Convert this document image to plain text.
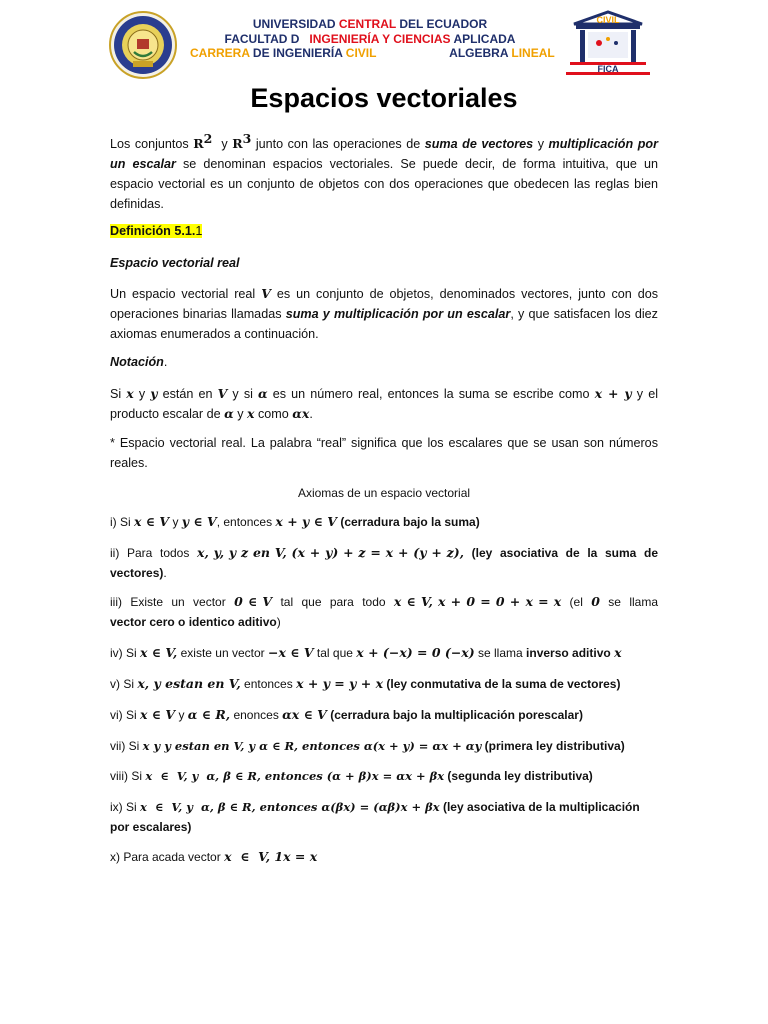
UNIVERSIDAD CENTRAL DEL ECUADOR
FACULTAD D   INGENIERÍA Y CIENCIAS APLICADA
CARRERA DE INGENIERÍA CIVIL                      ALGEBRA LINEAL
CIVIL
FICA
Espacios vectoriales
Los conjuntos $R^2$  y $R^3$ junto con las operaciones de suma de vectores y multiplicación por un escalar se denominan espacios vectoriales. Se puede decir, de forma intuitiva, que un espacio vectorial es un conjunto de objetos con dos operaciones que obedecen las reglas bien definidas.
Definición 5.1.1
Espacio vectorial real
Un espacio vectorial real V es un conjunto de objetos, denominados vectores, junto con dos operaciones binarias llamadas suma y multiplicación por un escalar, y que satisfacen los diez axiomas enumerados a continuación.
Notación.
Si x y y están en V y si α es un número real, entonces la suma se escribe como x + y y el producto escalar de α y x como αx.
* Espacio vectorial real. La palabra “real” significa que los escalares que se usan son números reales.
Axiomas de un espacio vectorial
i) Si x ∈ V y y ∈ V, entonces x + y ∈ V (cerradura bajo la suma)
ii)  Para  todos  x, y, y z en V, (x + y) + z = x + (y + z),  (ley  asociativa  de  la  suma  de vectores).
iii)  Existe  un  vector  0 ∈ V  tal  que  para  todo  x ∈ V, x + 0 = 0 + x = x  (el  0  se  llama  vector cero o identico aditivo)
iv) Si x ∈ V, existe un vector −x ∈ V tal que x + (−x) = 0 (−x) se llama inverso aditivo x
v) Si x, y estan en V, entonces x + y = y + x (ley conmutativa de la suma de vectores)
vi) Si x ∈ V y α ∈ R, enonces αx ∈ V (cerradura bajo la multiplicación porescalar)
vii) Si x y y estan en V, y α ∈ R, entonces α(x + y) = αx + αy (primera ley distributiva)
viii) Si x  ∈  V, y  α, β ∈ R, entonces (α + β)x = αx + βx (segunda ley distributiva)
ix) Si x  ∈  V, y  α, β ∈ R, entonces α(βx) = (αβ)x + βx (ley asociativa de la multiplicación por escalares)
x) Para acada vector x  ∈  V, 1x = x
